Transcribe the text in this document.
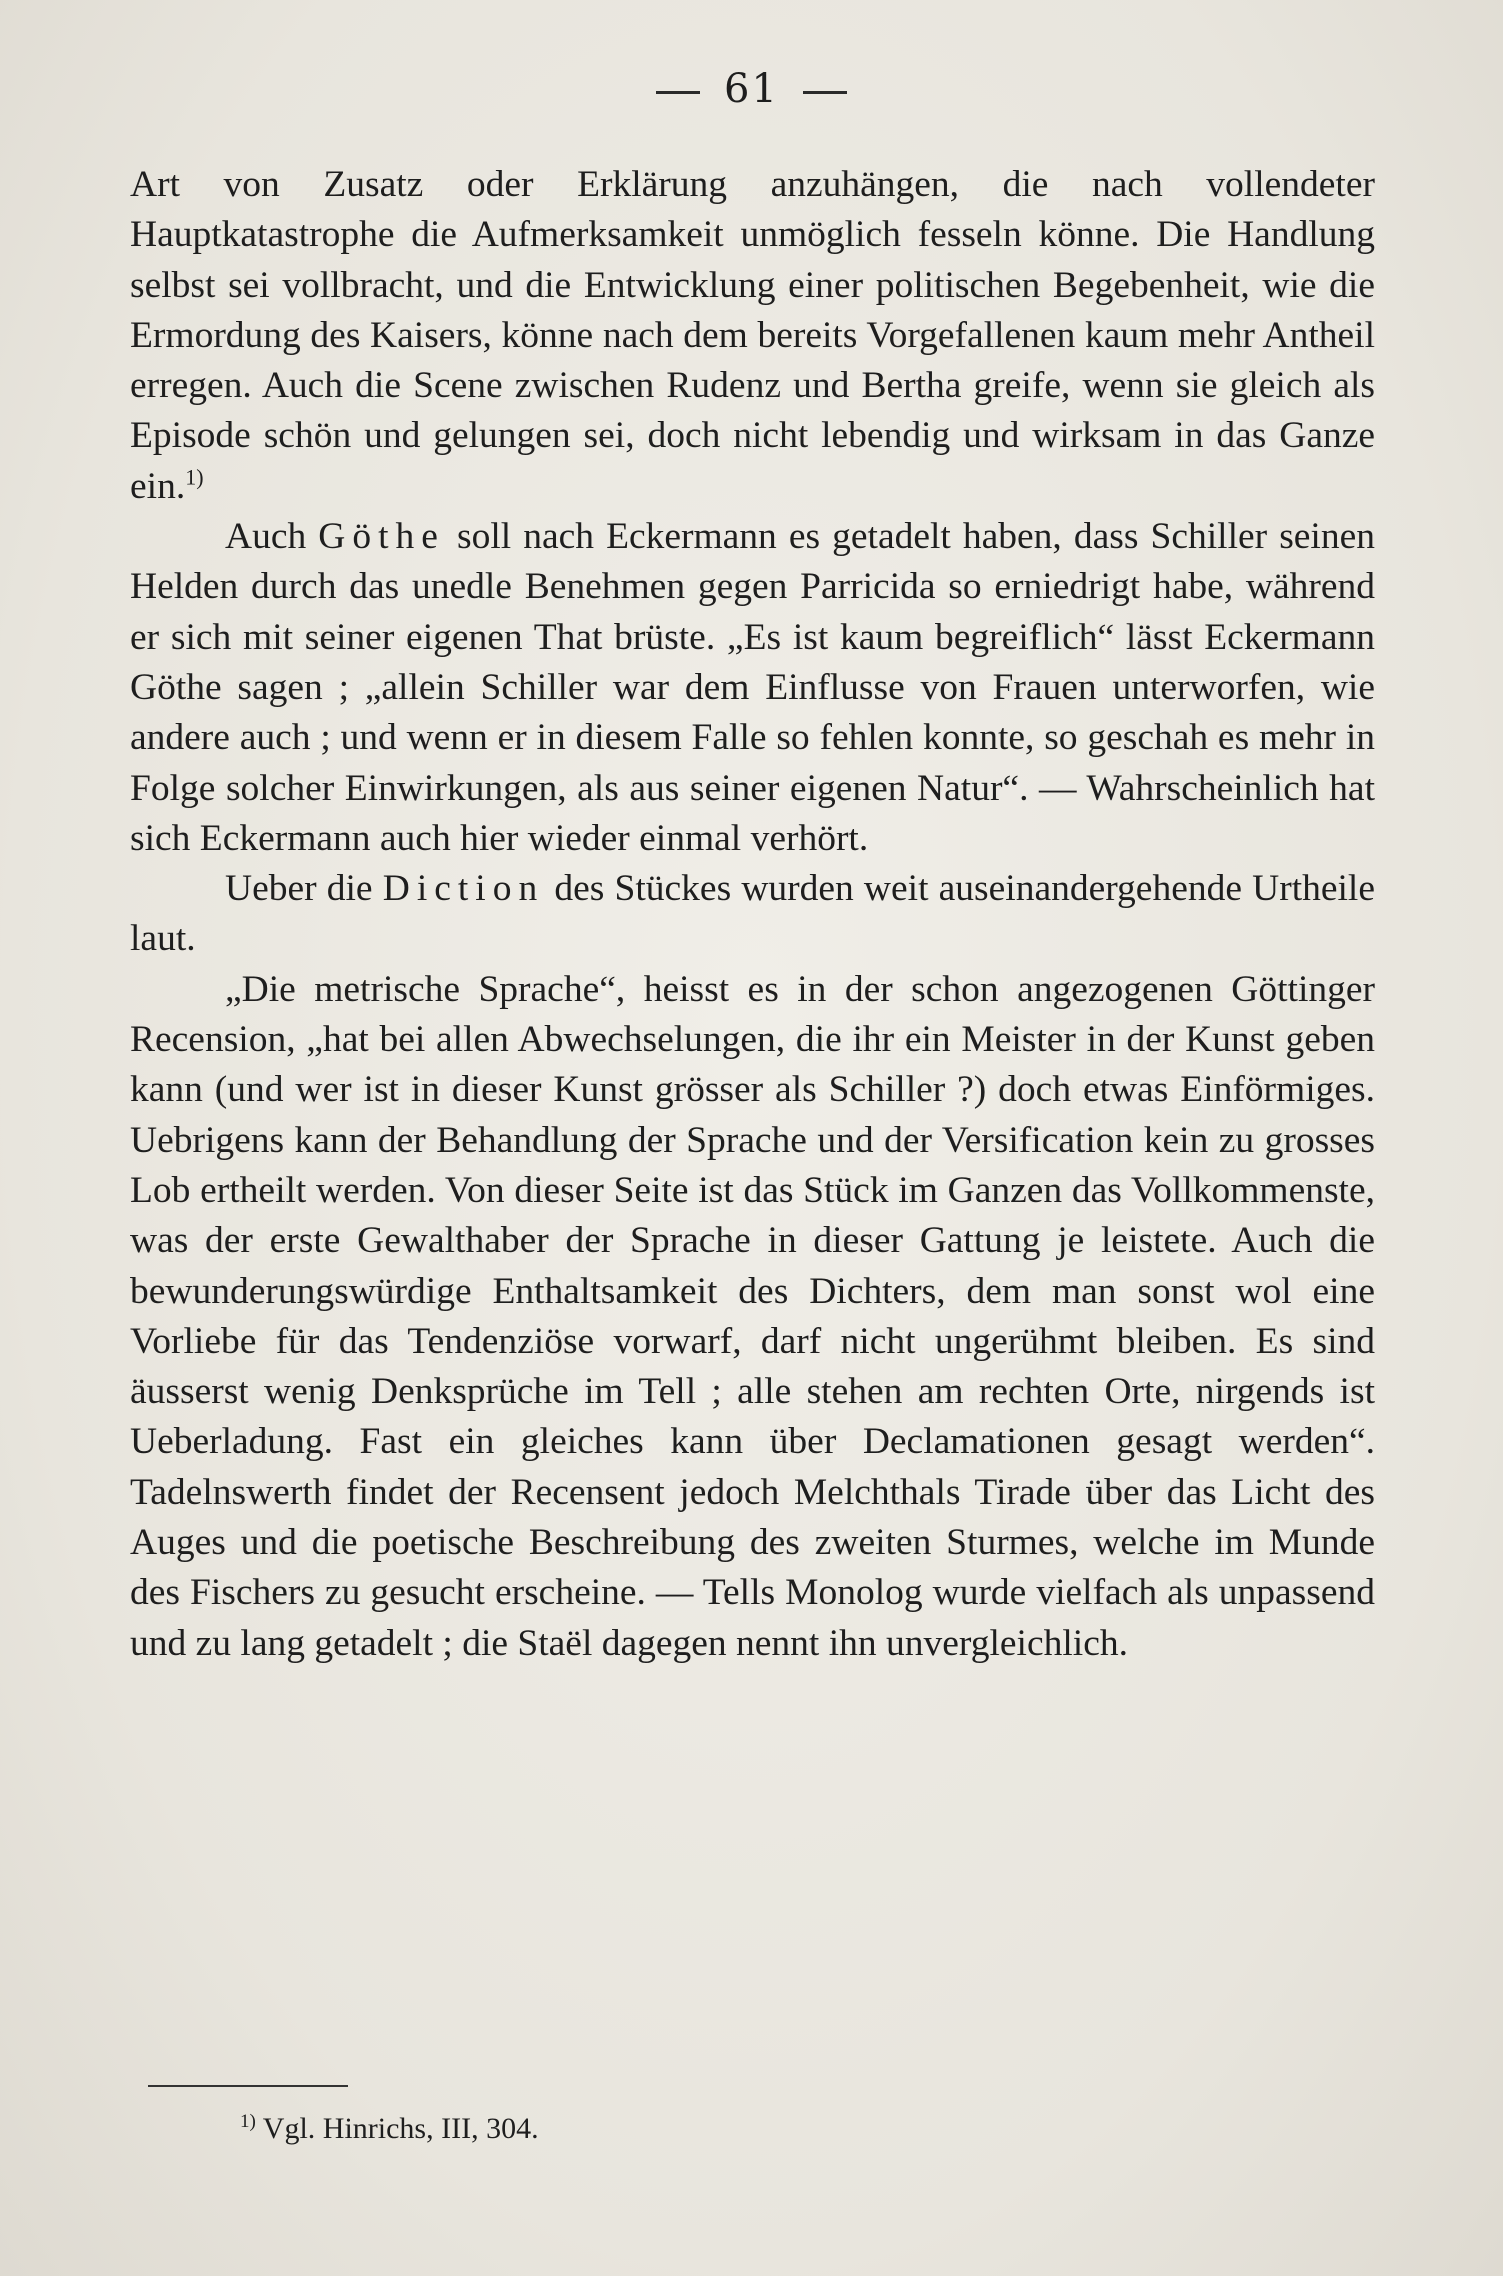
61

Art von Zusatz oder Erklärung anzuhängen, die nach vollendeter Hauptkatastrophe die Aufmerksamkeit unmöglich fesseln könne. Die Handlung selbst sei vollbracht, und die Entwicklung einer politischen Begebenheit, wie die Ermordung des Kaisers, könne nach dem bereits Vorgefallenen kaum mehr Antheil erregen. Auch die Scene zwischen Rudenz und Bertha greife, wenn sie gleich als Episode schön und gelungen sei, doch nicht lebendig und wirksam in das Ganze ein.$^{1)}$

Auch Göthe soll nach Eckermann es getadelt haben, dass Schiller seinen Helden durch das unedle Benehmen gegen Parricida so erniedrigt habe, während er sich mit seiner eigenen That brüste. „Es ist kaum begreiflich“ lässt Eckermann Göthe sagen ; „allein Schiller war dem Einflusse von Frauen unterworfen, wie andere auch ; und wenn er in diesem Falle so fehlen konnte, so geschah es mehr in Folge solcher Einwirkungen, als aus seiner eigenen Natur“. — Wahrscheinlich hat sich Eckermann auch hier wieder einmal verhört.

Ueber die Diction des Stückes wurden weit auseinandergehende Urtheile laut.

„Die metrische Sprache“, heisst es in der schon angezogenen Göttinger Recension, „hat bei allen Abwechselungen, die ihr ein Meister in der Kunst geben kann (und wer ist in dieser Kunst grösser als Schiller ?) doch etwas Einförmiges. Uebrigens kann der Behandlung der Sprache und der Versification kein zu grosses Lob ertheilt werden. Von dieser Seite ist das Stück im Ganzen das Vollkommenste, was der erste Gewalthaber der Sprache in dieser Gattung je leistete. Auch die bewunderungswürdige Enthaltsamkeit des Dichters, dem man sonst wol eine Vorliebe für das Tendenziöse vorwarf, darf nicht ungerühmt bleiben. Es sind äusserst wenig Denksprüche im Tell ; alle stehen am rechten Orte, nirgends ist Ueberladung. Fast ein gleiches kann über Declamationen gesagt werden“. Tadelnswerth findet der Recensent jedoch Melchthals Tirade über das Licht des Auges und die poetische Beschreibung des zweiten Sturmes, welche im Munde des Fischers zu gesucht erscheine. — Tells Monolog wurde vielfach als unpassend und zu lang getadelt ; die Staël dagegen nennt ihn unvergleichlich.

$^{1)}$ Vgl. Hinrichs, III, 304.
